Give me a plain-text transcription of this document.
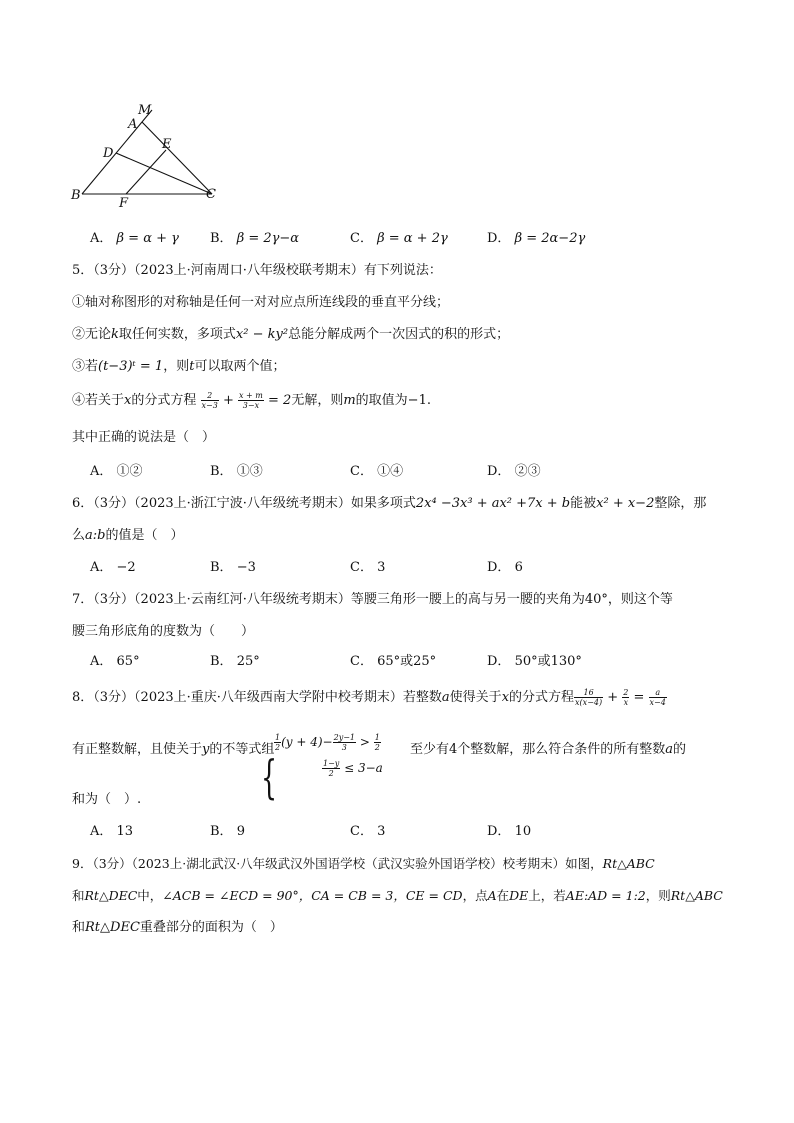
M
A
D
E
B
F
C
A． β = α + γ B． β = 2γ−α	C． β = α + 2γ	D． β = 2α−2γ
5．（3分）（2023上·河南周口·八年级校联考期末）有下列说法：
①轴对称图形的对称轴是任何一对对应点所连线段的垂直平分线；
②无论k取任何实数，多项式x² − ky²总能分解成两个一次因式的积的形式；
③若(t−3)ᵗ = 1，则t可以取两个值；
④若关于x的分式方程 $\frac{2}{x-3} + \frac{x + m}{3-x} = 2$无解，则m的取值为−1.
其中正确的说法是（　）
A． ①②	B． ①③	C． ①④	D． ②③
6．（3分）（2023上·浙江宁波·八年级统考期末）如果多项式2x⁴ −3x³ + ax² +7x + b能被x² + x−2整除，那
么a:b的值是（　）
A． −2	B． −3	C． 3	D． 6
7．（3分）（2023上·云南红河·八年级统考期末）等腰三角形一腰上的高与另一腰的夹角为40°，则这个等
腰三角形底角的度数为（　　）
A． 65°	B． 25°	C． 65°或25°	D． 50°或130°
8．（3分）（2023上·重庆·八年级西南大学附中校考期末）若整数a使得关于x的分式方程 $\frac{16}{x(x-4)} + \frac{2}{x} = \frac{a}{x-4}$
有正整数解，且使关于y的不等式组
{
$\frac{1}{2} (y + 4)- \frac{2y-1}{3} > \frac{1}{2}$
$\frac{1-y}{2} \le 3-a$
至少有4个整数解，那么符合条件的所有整数a的
和为（　）.
A． 13	B． 9	C． 3	D． 10
9．（3分）（2023上·湖北武汉·八年级武汉外国语学校（武汉实验外国语学校）校考期末）如图，Rt△ABC
和Rt△DEC中，∠ACB = ∠ECD = 90°，CA = CB = 3，CE = CD，点A在DE上，若AE:AD = 1:2，则Rt△ABC
和Rt△DEC重叠部分的面积为（　）
